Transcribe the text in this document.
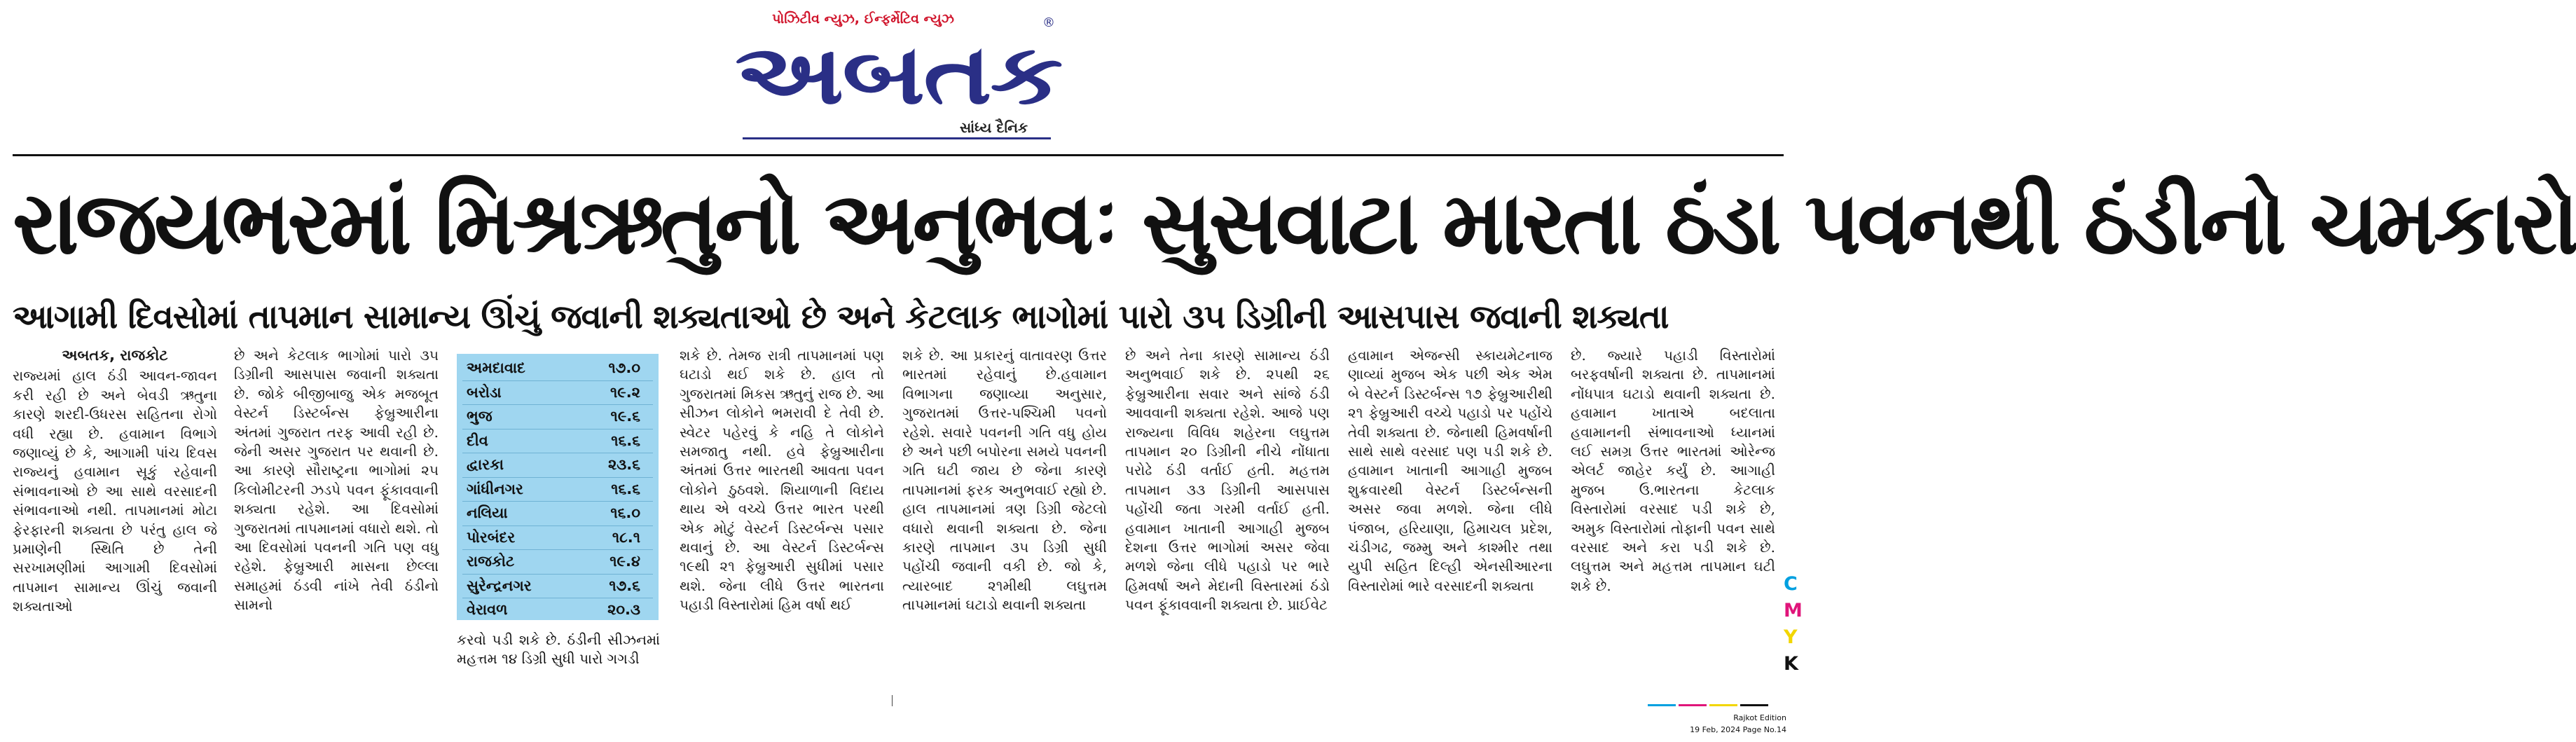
પોઝિટીવ ન્યુઝ, ઈન્ફર્મેટિવ ન્યુઝ
અબતક
®
સાંધ્ય દૈનિક
રાજયભરમાં મિશ્રઋતુનો અનુભવઃ સુસવાટા મારતા ઠંડા પવનથી ઠંડીનો ચમકારો
આગામી દિવસોમાં તાપમાન સામાન્ય ઊંચું જવાની શક્યતાઓ છે અને કેટલાક ભાગોમાં પારો ૩૫ ડિગ્રીની આસપાસ જવાની શક્યતા
અબતક, રાજકોટ
રાજ્યમાં હાલ ઠંડી આવન-જાવન કરી રહી છે અને બેવડી ઋતુના કારણે શરદી-ઉધરસ સહિતના રોગો વધી રહ્યા છે. હવામાન વિભાગે જણાવ્યું છે કે, આગામી પાંચ દિવસ રાજ્યનું હવામાન સૂકું રહેવાની સંભાવનાઓ છે આ સાથે વરસાદની સંભાવનાઓ નથી. તાપમાનમાં મોટા ફેરફારની શક્યતા છે પરંતુ હાલ જે પ્રમાણેની સ્થિતિ છે તેની સરખામણીમાં આગામી દિવસોમાં તાપમાન સામાન્ય ઊંચું જવાની શક્યતાઓ
છે અને કેટલાક ભાગોમાં પારો ૩૫ ડિગ્રીની આસપાસ જવાની શક્યતા છે. જોકે બીજીબાજુ એક મજબૂત વેસ્ટર્ન ડિસ્ટર્બન્સ ફેબ્રુઆરીના અંતમાં ગુજરાત તરફ આવી રહી છે. જેની અસર ગુજરાત પર થવાની છે. આ કારણે સૌરાષ્ટ્રના ભાગોમાં ૨૫ કિલોમીટરની ઝડપે પવન ફૂંકાવવાની શક્યતા રહેશે. આ દિવસોમાં ગુજરાતમાં તાપમાનમાં વધારો થશે. તો આ દિવસોમાં પવનની ગતિ પણ વધુ રહેશે. ફેબ્રુઆરી માસના છેલ્લા સમાહમાં ઠંડવી નાંખે તેવી ઠંડીનો સામનો
અમદાવાદ	૧૭.૦
બરોડા	૧૯.૨
ભુજ	૧૯.૬
દીવ	૧૬.૬
દ્વારકા	૨૩.૬
ગાંધીનગર	૧૬.૬
નલિયા	૧૬.૦
પોરબંદર	૧૮.૧
રાજકોટ	૧૯.૪
સુરેન્દ્રનગર	૧૭.૬
વેરાવળ	૨૦.૩
કરવો પડી શકે છે. ઠંડીની સીઝનમાં મહત્તમ ૧૪ ડિગ્રી સુધી પારો ગગડી
શકે છે. તેમજ રાત્રી તાપમાનમાં પણ ઘટાડો થઈ શકે છે. હાલ તો ગુજરાતમાં મિકસ ઋતુનું રાજ છે. આ સીઝન લોકોને ભમરાવી દે તેવી છે. સ્વેટર પહેરવું કે નહિ તે લોકોને સમજાતુ નથી. હવે ફેબ્રુઆરીના અંતમાં ઉત્તર ભારતથી આવતા પવન લોકોને ઠુઠવશે. શિયાળાની વિદાય થાય એ વચ્ચે ઉત્તર ભારત પરથી એક મોટું વેસ્ટર્ન ડિસ્ટર્બન્સ પસાર થવાનું છે. આ વેસ્ટર્ન ડિસ્ટર્બન્સ ૧૯થી ૨૧ ફેબ્રુઆરી સુધીમાં પસાર થશે. જેના લીધે ઉત્તર ભારતના પહાડી વિસ્તારોમાં હિમ વર્ષા થઈ
શકે છે. આ પ્રકારનું વાતાવરણ ઉત્તર ભારતમાં રહેવાનું છે.હવામાન વિભાગના જણાવ્યા અનુસાર, ગુજરાતમાં ઉત્તર-પશ્ચિમી પવનો રહેશે. સવારે પવનની ગતિ વધુ હોય છે અને પછી બપોરના સમયે પવનની ગતિ ઘટી જાય છે જેના કારણે તાપમાનમાં ફરક અનુભવાઈ રહ્યો છે. હાલ તાપમાનમાં ત્રણ ડિગ્રી જેટલો વધારો થવાની શક્યતા છે. જેના કારણે તાપમાન ૩૫ ડિગ્રી સુધી પહોંચી જવાની વકી છે. જો કે, ત્યારબાદ ૨૧મીથી લઘુત્તમ તાપમાનમાં ઘટાડો થવાની શક્યતા
છે અને તેના કારણે સામાન્ય ઠંડી અનુભવાઈ શકે છે. ૨૫થી ૨૬ ફેબ્રુઆરીના સવાર અને સાંજે ઠંડી આવવાની શક્યતા રહેશે. આજે પણ રાજ્યના વિવિધ શહેરના લઘુત્તમ તાપમાન ૨૦ ડિગ્રીની નીચે નોંધાતા પરોઢે ઠંડી વર્તાઈ હતી. મહત્તમ તાપમાન ૩૩ ડિગ્રીની આસપાસ પહોંચી જતા ગરમી વર્તાઈ હતી. હવામાન ખાતાની આગાહી મુજબ દેશના ઉત્તર ભાગોમાં અસર જેવા મળશે જેના લીધે પહાડો પર ભારે હિમવર્ષા અને મેદાની વિસ્તારમાં ઠંડો પવન ફૂંકાવવાની શક્યતા છે. પ્રાઈવેટ
હવામાન એજન્સી સ્કાયમેટનાજ ણાવ્યાં મુજબ એક પછી એક એમ બે વેસ્ટર્ન ડિસ્ટર્બન્સ ૧૭ ફેબ્રુઆરીથી ૨૧ ફેબ્રુઆરી વચ્ચે પહાડો પર પહોંચે તેવી શક્યતા છે. જેનાથી હિમવર્ષાની સાથે સાથે વરસાદ પણ પડી શકે છે. હવામાન ખાતાની આગાહી મુજબ શુક્રવારથી વેસ્ટર્ન ડિસ્ટર્બન્સની અસર જવા મળશે. જેના લીધે પંજાબ, હરિયાણા, હિમાચલ પ્રદેશ, ચંડીગઢ, જમ્મુ અને કાશ્મીર તથા યુપી સહિત દિલ્હી એનસીઆરના વિસ્તારોમાં ભારે વરસાદની શક્યતા
છે. જ્યારે પહાડી વિસ્તારોમાં બરફવર્ષાની શક્યતા છે. તાપમાનમાં નોંધપાત્ર ઘટાડો થવાની શક્યતા છે. હવામાન ખાતાએ બદલાતા હવામાનની સંભાવનાઓ ધ્યાનમાં લઈ સમગ્ર ઉત્તર ભારતમાં ઓરેન્જ એલર્ટ જાહેર કર્યું છે. આગાહી મુજબ ઉ.ભારતના કેટલાક વિસ્તારોમાં વરસાદ પડી શકે છે, અમુક વિસ્તારોમાં તોફાની પવન સાથે વરસાદ અને કરા પડી શકે છે. લઘુત્તમ અને મહત્તમ તાપમાન ઘટી શકે છે.	C
M
Y
K
Rajkot Edition
19 Feb, 2024 Page No.14
